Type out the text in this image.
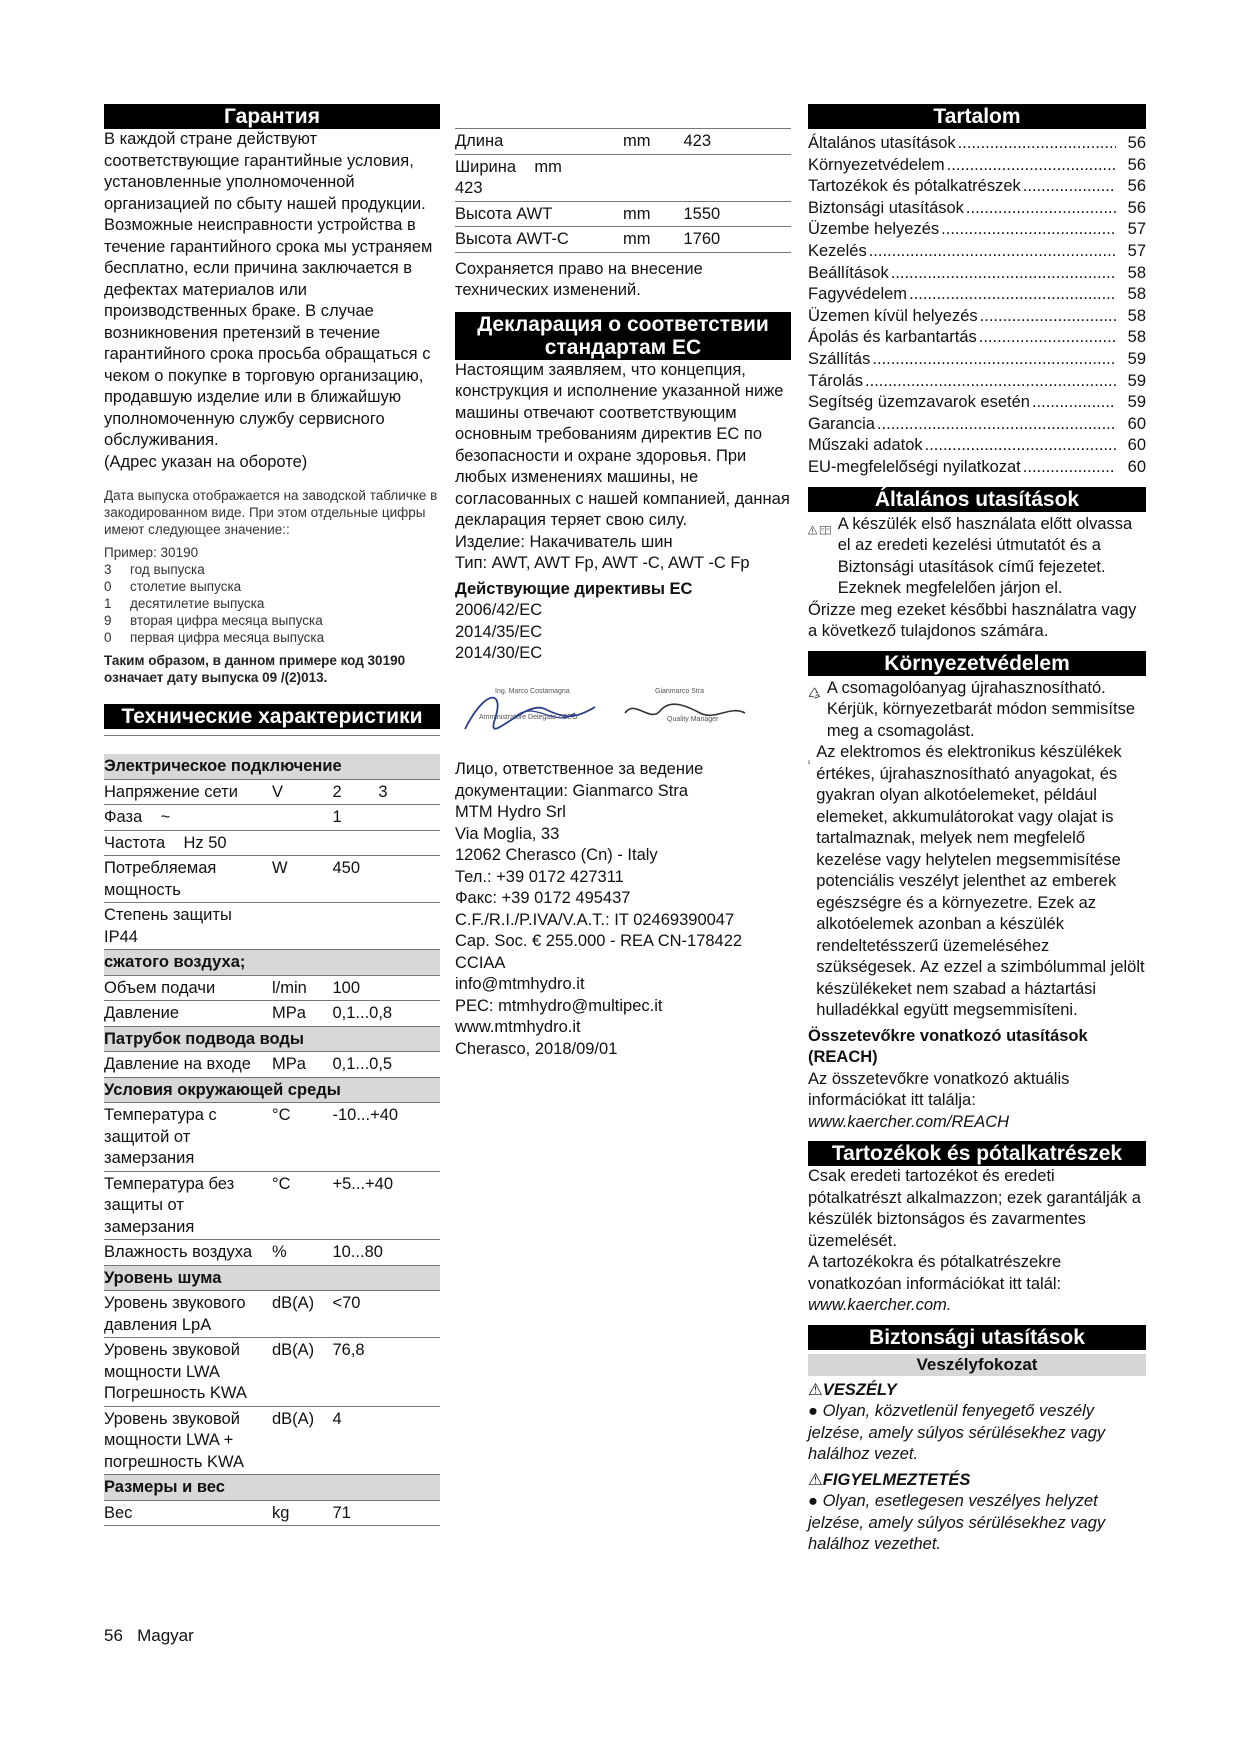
Гарантия

В каждой стране действуют соответствующие гарантийные условия, установленные уполномоченной организацией по сбыту нашей продукции. Возможные неисправности устройства в течение гарантийного срока мы устраняем бесплатно, если причина заключается в дефектах материалов или производственных браке. В случае возникновения претензий в течение гарантийного срока просьба обращаться с чеком о покупке в торговую организацию, продавшую изделие или в ближайшую уполномоченную службу сервисного обслуживания.

(Адрес указан на обороте)

Дата выпуска отображается на заводской табличке в закодированном виде. При этом отдельные цифры имеют следующее значение::

Пример: 30190

3	год выпуска
0	столетие выпуска
1	десятилетие выпуска
9	вторая цифра месяца выпуска
0	первая цифра месяца выпуска

Таким образом, в данном примере код 30190 означает дату выпуска 09 /(2)013.

Технические характеристики
Электрическое подключение		
Напряжение сети	V	2        3
Фаза    ~		1
Частота    Hz 50		
Потребляемая мощность	W	450
Степень защиты    IP44		
сжатого воздуха;		
Объем подачи	l/min	100
Давление	MPa	0,1...0,8
Патрубок подвода воды		
Давление на входе	MPa	0,1...0,5
Условия окружающей среды		
Температура с защитой от замерзания	°C	-10...+40
Температура без защиты от замерзания	°C	+5...+40
Влажность воздуха	%	10...80
Уровень шума		
Уровень звукового давления LpA	dB(A)	<70
Уровень звуковой мощности LWA Погрешность KWA	dB(A)	76,8
Уровень звуковой мощности LWA + погрешность KWA	dB(A)	4
Размеры и вес		
Вес	kg	71
Длина	mm	423
Ширина    mm        423		
Высота AWT	mm	1550
Высота AWT-C	mm	1760

Сохраняется право на внесение технических изменений.

Декларация о соответствии стандартам ЕС

Настоящим заявляем, что концепция, конструкция и исполнение указанной ниже машины отвечают соответствующим основным требованиям директив ЕС по безопасности и охране здоровья. При любых изменениях машины, не согласованных с нашей компанией, данная декларация теряет свою силу.

Изделие: Накачиватель шин

Тип: AWT, AWT Fp, AWT -C, AWT -C Fp

Действующие директивы ЕС

2006/42/EC
2014/35/EC
2014/30/EC
Ing. Marco Costamagna
Amministratore Delegato - CEO
Gianmarco Stra
Quality Manager
Лицо, ответственное за ведение документации: Gianmarco Stra
MTM Hydro Srl
Via Moglia, 33
12062 Cherasco (Cn) - Italy
Тел.: +39 0172 427311
Факс: +39 0172 495437
C.F./R.I./P.IVA/V.A.T.: IT 02469390047
Cap. Soc. € 255.000 - REA CN-178422
CCIAA
info@mtmhydro.it
PEC: mtmhydro@multipec.it
www.mtmhydro.it
Cherasco, 2018/09/01
Tartalom
Általános utasítások .....	56
Környezetvédelem .....	56
Tartozékok és pótalkatrészek .....	56
Biztonsági utasítások .....	56
Üzembe helyezés .....	57
Kezelés .....	57
Beállítások .....	58
Fagyvédelem .....	58
Üzemen kívül helyezés .....	58
Ápolás és karbantartás .....	58
Szállítás .....	59
Tárolás .....	59
Segítség üzemzavarok esetén .....	59
Garancia .....	60
Műszaki adatok .....	60
EU-megfelelőségi nyilatkozat .....	60
Általános utasítások

A készülék első használata előtt olvassa el az eredeti kezelési útmutatót és a Biztonsági utasítások című fejezetet. Ezeknek megfelelően járjon el.

Őrizze meg ezeket későbbi használatra vagy a következő tulajdonos számára.

Környezetvédelem

A csomagolóanyag újrahasznosítható. Kérjük, környezetbarát módon semmisítse meg a csomagolást.

Az elektromos és elektronikus készülékek értékes, újrahasznosítható anyagokat, és gyakran olyan alkotóelemeket, például elemeket, akkumulátorokat vagy olajat is tartalmaznak, melyek nem megfelelő kezelése vagy helytelen megsemmisítése potenciális veszélyt jelenthet az emberek egészségre és a környezetre. Ezek az alkotóelemek azonban a készülék rendeltetésszerű üzemeléséhez szükségesek. Az ezzel a szimbólummal jelölt készülékeket nem szabad a háztartási hulladékkal együtt megsemmisíteni.

Összetevőkre vonatkozó utasítások (REACH)

Az összetevőkre vonatkozó aktuális információkat itt találja: www.kaercher.com/REACH

Tartozékok és pótalkatrészek

Csak eredeti tartozékot és eredeti pótalkatrészt alkalmazzon; ezek garantálják a készülék biztonságos és zavarmentes üzemelését.

A tartozékokra és pótalkatrészekre vonatkozóan információkat itt talál: www.kaercher.com.

Biztonsági utasítások
Veszélyfokozat

⚠VESZÉLY

● Olyan, közvetlenül fenyegető veszély jelzése, amely súlyos sérülésekhez vagy halálhoz vezet.

⚠FIGYELMEZTETÉS

● Olyan, esetlegesen veszélyes helyzet jelzése, amely súlyos sérülésekhez vagy halálhoz vezethet.

56 Magyar
